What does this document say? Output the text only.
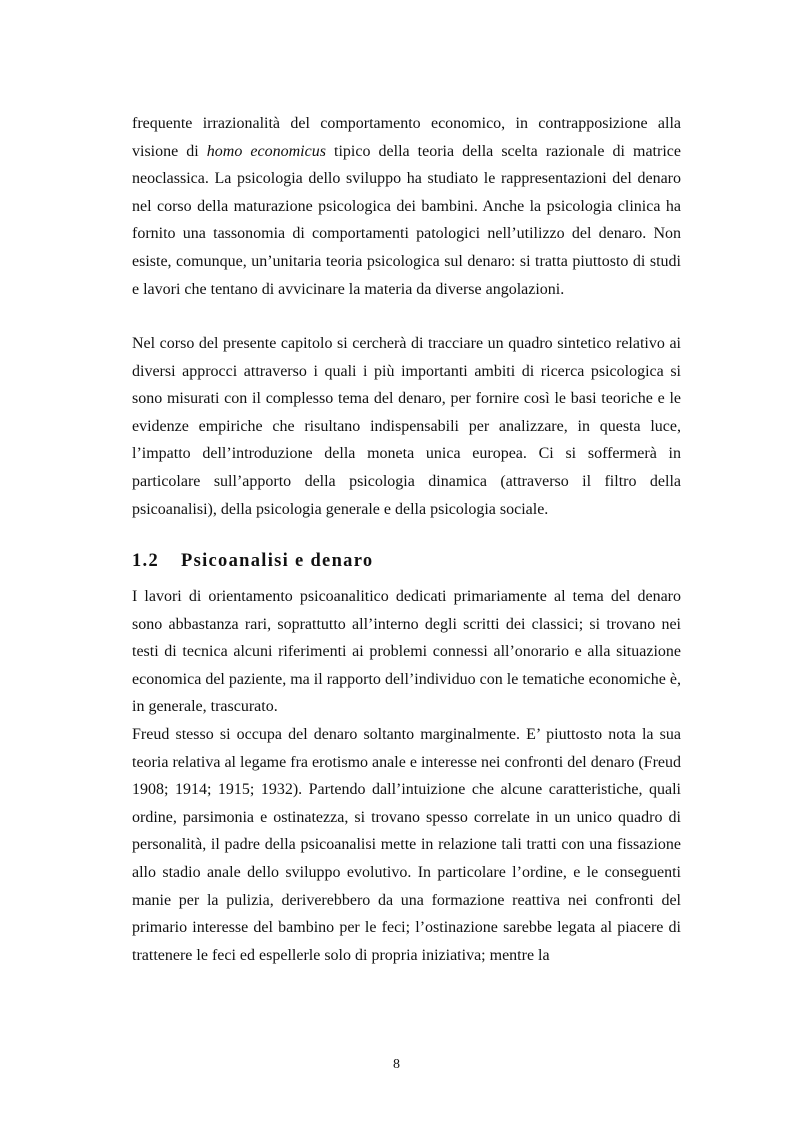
frequente irrazionalità del comportamento economico, in contrapposizione alla visione di homo economicus tipico della teoria della scelta razionale di matrice neoclassica. La psicologia dello sviluppo ha studiato le rappresentazioni del denaro nel corso della maturazione psicologica dei bambini. Anche la psicologia clinica ha fornito una tassonomia di comportamenti patologici nell’utilizzo del denaro. Non esiste, comunque, un’unitaria teoria psicologica sul denaro: si tratta piuttosto di studi e lavori che tentano di avvicinare la materia da diverse angolazioni.

Nel corso del presente capitolo si cercherà di tracciare un quadro sintetico relativo ai diversi approcci attraverso i quali i più importanti ambiti di ricerca psicologica si sono misurati con il complesso tema del denaro, per fornire così le basi teoriche e le evidenze empiriche che risultano indispensabili per analizzare, in questa luce, l’impatto dell’introduzione della moneta unica europea. Ci si soffermerà in particolare sull’apporto della psicologia dinamica (attraverso il filtro della psicoanalisi), della psicologia generale e della psicologia sociale.

1.2 Psicoanalisi e denaro

I lavori di orientamento psicoanalitico dedicati primariamente al tema del denaro sono abbastanza rari, soprattutto all’interno degli scritti dei classici; si trovano nei testi di tecnica alcuni riferimenti ai problemi connessi all’onorario e alla situazione economica del paziente, ma il rapporto dell’individuo con le tematiche economiche è, in generale, trascurato.

Freud stesso si occupa del denaro soltanto marginalmente. E’ piuttosto nota la sua teoria relativa al legame fra erotismo anale e interesse nei confronti del denaro (Freud 1908; 1914; 1915; 1932). Partendo dall’intuizione che alcune caratteristiche, quali ordine, parsimonia e ostinatezza, si trovano spesso correlate in un unico quadro di personalità, il padre della psicoanalisi mette in relazione tali tratti con una fissazione allo stadio anale dello sviluppo evolutivo. In particolare l’ordine, e le conseguenti manie per la pulizia, deriverebbero da una formazione reattiva nei confronti del primario interesse del bambino per le feci; l’ostinazione sarebbe legata al piacere di trattenere le feci ed espellerle solo di propria iniziativa; mentre la

8
